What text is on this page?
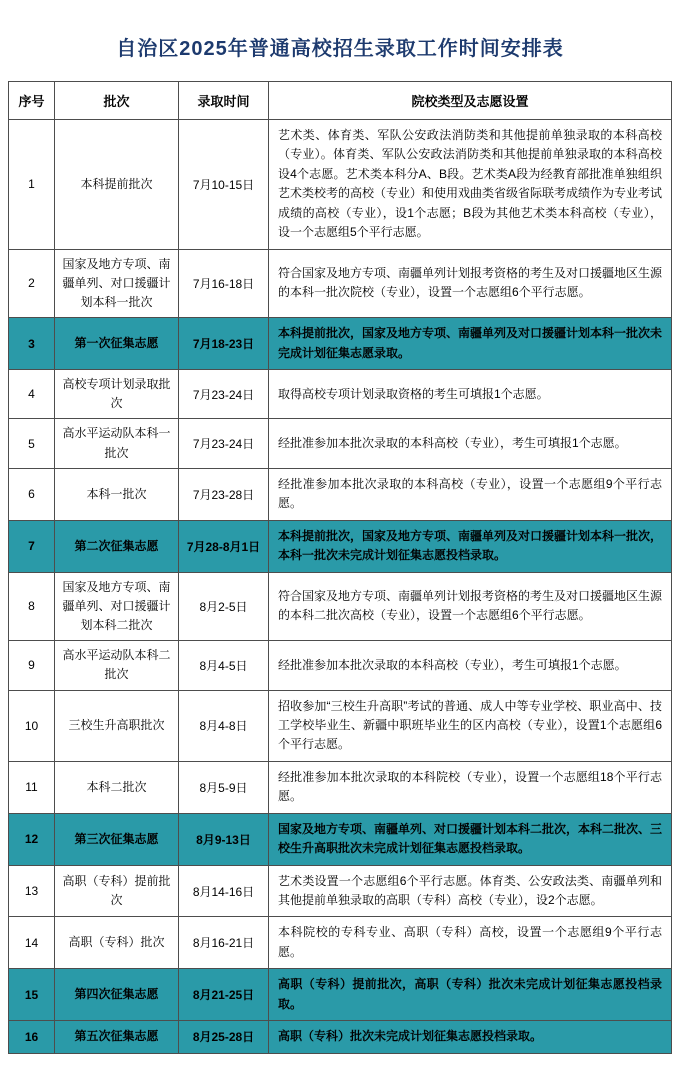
自治区2025年普通高校招生录取工作时间安排表
序号	批次	录取时间	院校类型及志愿设置
1	本科提前批次	7月10-15日	艺术类、体育类、军队公安政法消防类和其他提前单独录取的本科高校（专业）。体育类、军队公安政法消防类和其他提前单独录取的本科高校设4个志愿。艺术类本科分A、B段。艺术类A段为经教育部批准单独组织艺术类校考的高校（专业）和使用戏曲类省级省际联考成绩作为专业考试成绩的高校（专业），设1个志愿；B段为其他艺术类本科高校（专业），设一个志愿组5个平行志愿。
2	国家及地方专项、南疆单列、对口援疆计划本科一批次	7月16-18日	符合国家及地方专项、南疆单列计划报考资格的考生及对口援疆地区生源的本科一批次院校（专业），设置一个志愿组6个平行志愿。
3	第一次征集志愿	7月18-23日	本科提前批次，国家及地方专项、南疆单列及对口援疆计划本科一批次未完成计划征集志愿录取。
4	高校专项计划录取批次	7月23-24日	取得高校专项计划录取资格的考生可填报1个志愿。
5	高水平运动队本科一批次	7月23-24日	经批准参加本批次录取的本科高校（专业），考生可填报1个志愿。
6	本科一批次	7月23-28日	经批准参加本批次录取的本科高校（专业），设置一个志愿组9个平行志愿。
7	第二次征集志愿	7月28-8月1日	本科提前批次，国家及地方专项、南疆单列及对口援疆计划本科一批次，本科一批次未完成计划征集志愿投档录取。
8	国家及地方专项、南疆单列、对口援疆计划本科二批次	8月2-5日	符合国家及地方专项、南疆单列计划报考资格的考生及对口援疆地区生源的本科二批次高校（专业），设置一个志愿组6个平行志愿。
9	高水平运动队本科二批次	8月4-5日	经批准参加本批次录取的本科高校（专业），考生可填报1个志愿。
10	三校生升高职批次	8月4-8日	招收参加“三校生升高职”考试的普通、成人中等专业学校、职业高中、技工学校毕业生、新疆中职班毕业生的区内高校（专业），设置1个志愿组6个平行志愿。
11	本科二批次	8月5-9日	经批准参加本批次录取的本科院校（专业），设置一个志愿组18个平行志愿。
12	第三次征集志愿	8月9-13日	国家及地方专项、南疆单列、对口援疆计划本科二批次，本科二批次、三校生升高职批次未完成计划征集志愿投档录取。
13	高职（专科）提前批次	8月14-16日	艺术类设置一个志愿组6个平行志愿。体育类、公安政法类、南疆单列和其他提前单独录取的高职（专科）高校（专业），设2个志愿。
14	高职（专科）批次	8月16-21日	本科院校的专科专业、高职（专科）高校，设置一个志愿组9个平行志愿。
15	第四次征集志愿	8月21-25日	高职（专科）提前批次，高职（专科）批次未完成计划征集志愿投档录取。
16	第五次征集志愿	8月25-28日	高职（专科）批次未完成计划征集志愿投档录取。
